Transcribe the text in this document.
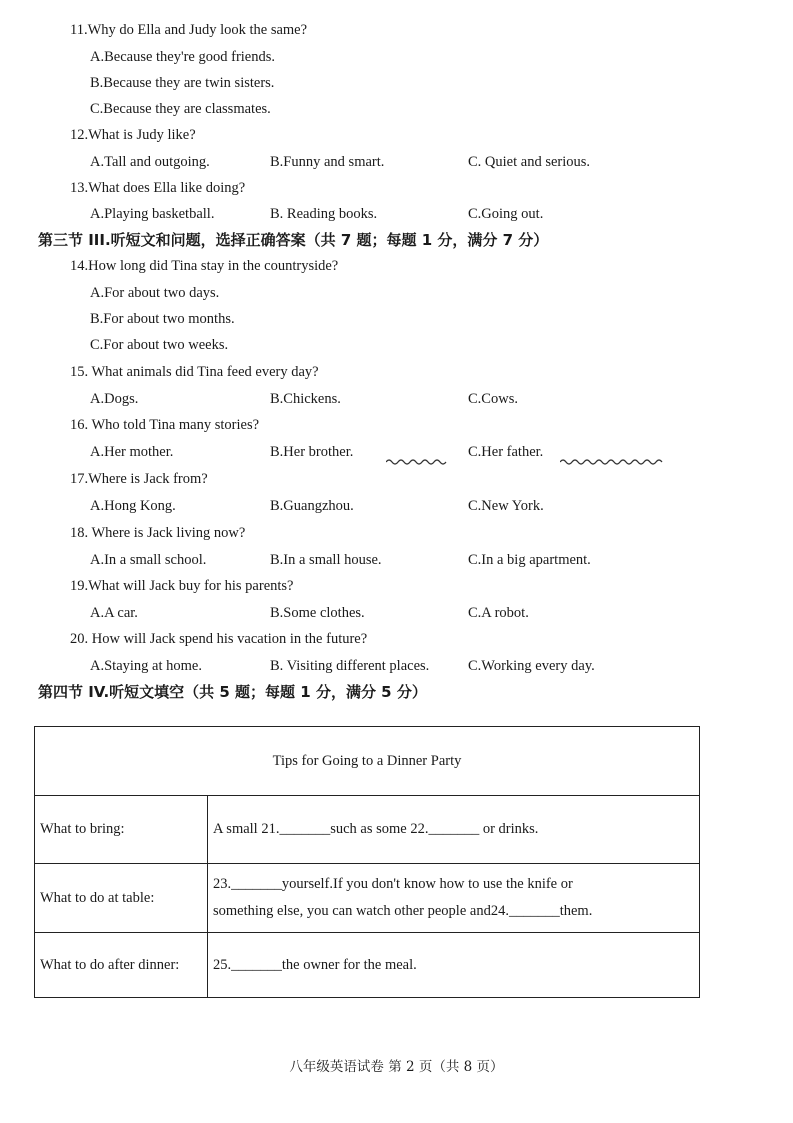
11.Why do Ella and Judy look the same?
A.Because they're good friends.
B.Because they are twin sisters.
C.Because they are classmates.
12.What is Judy like?
A.Tall and outgoing.	B.Funny and smart.	C. Quiet and serious.
13.What does Ella like doing?
A.Playing basketball.	B. Reading books.	C.Going out.
第三节 III.听短文和问题，选择正确答案（共 7 题；每题 1 分，满分 7 分）
14.How long did Tina stay in the countryside?
A.For about two days.
B.For about two months.
C.For about two weeks.
15. What animals did Tina feed every day?
A.Dogs.	B.Chickens.	C.Cows.
16. Who told Tina many stories?
A.Her mother.	B.Her brother.	C.Her father.
17.Where is Jack from?
A.Hong Kong.	B.Guangzhou.	C.New York.
18. Where is Jack living now?
A.In a small school.	B.In a small house.	C.In a big apartment.
19.What will Jack buy for his parents?
A.A car.	B.Some clothes.	C.A robot.
20. How will Jack spend his vacation in the future?
A.Staying at home.	B. Visiting different places.	C.Working every day.
第四节 IV.听短文填空（共 5 题；每题 1 分，满分 5 分）
Tips for Going to a Dinner Party	
What to bring:	A small 21._______such as some 22._______ or drinks.

What to do at table:	23._______yourself.If you don't know how to use the knife or
something else, you can watch other people and24._______them.

What to do after dinner:	25._______the owner for the meal.
八年级英语试卷 第 2 页（共 8 页）
